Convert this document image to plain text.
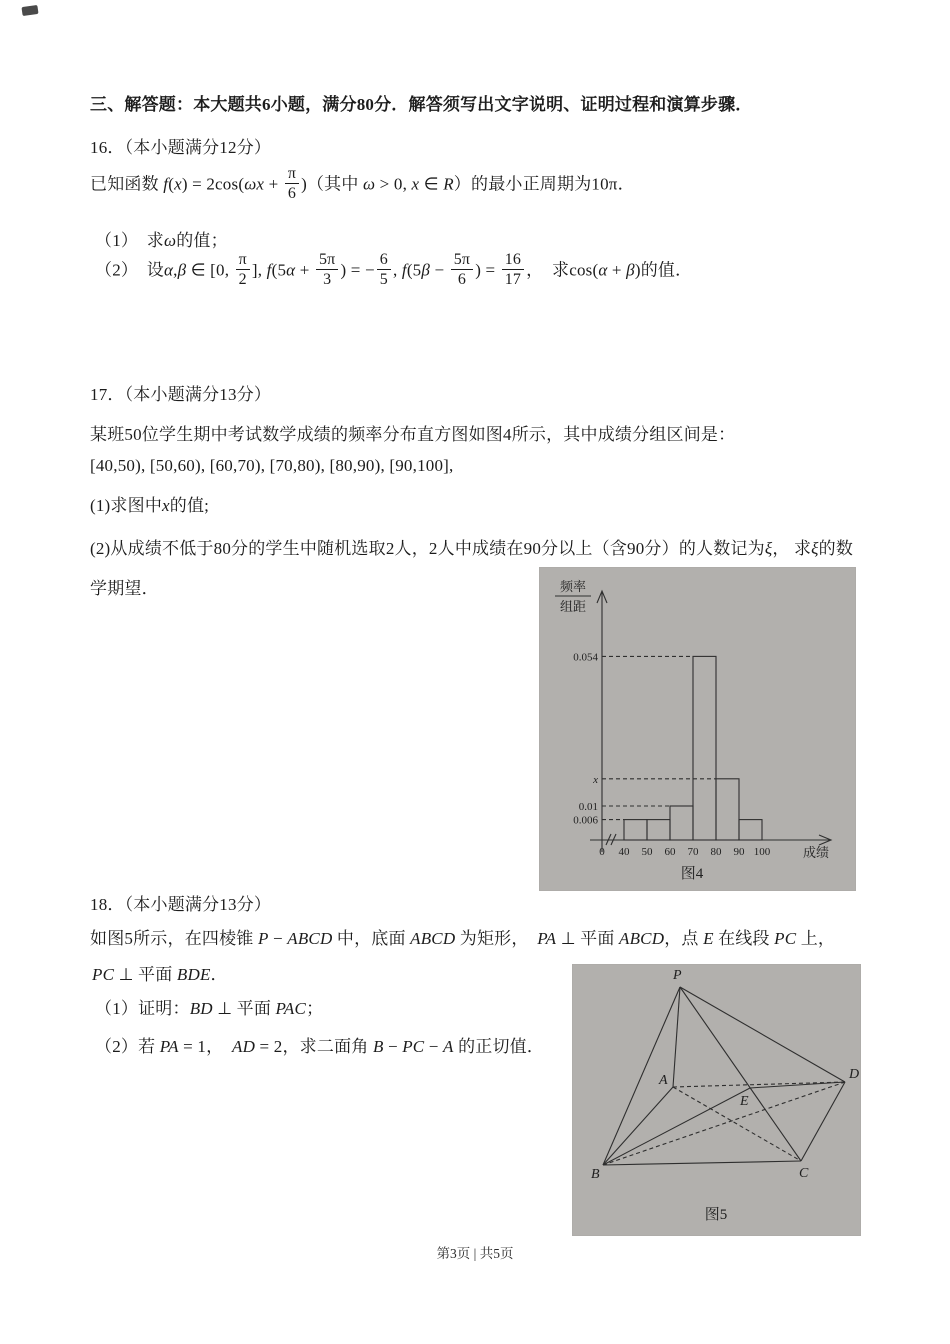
三、解答题：本大题共6小题，满分80分．解答须写出文字说明、证明过程和演算步骤．
16．（本小题满分12分）
已知函数 $f(x) = 2\cos(\omega x + \frac{\pi}{6}$ )（其中 ω > 0, x ∈ R）的最小正周期为10π．
（1）　求ω的值；
（2）　设α,β ∈ [0, $\frac{\pi}{2}$ ], $f(5\alpha + \frac{5\pi}{3}$ ) = − $\frac{6}{5}$ , $f(5\beta - \frac{5\pi}{6}$ ) = $\frac{16}{17}$ ，　求cos(α + β)的值．
17．（本小题满分13分）
某班50位学生期中考试数学成绩的频率分布直方图如图4所示，其中成绩分组区间是：
[40,50), [50,60), [60,70), [70,80), [80,90), [90,100],
(1)求图中x的值;
(2)从成绩不低于80分的学生中随机选取2人，2人中成绩在90分以上（含90分）的人数记为ξ， 求ξ的数
学期望．	频率
组距
0.054
x
0.01
0.006
0 40 50 60 70 80 90 100	成绩
图4
18．（本小题满分13分）
如图5所示，在四棱锥 P − ABCD 中，底面 ABCD 为矩形，　PA ⊥ 平面 ABCD，点 E 在线段 PC 上，
PC ⊥ 平面 BDE．
（1）证明：BD ⊥ 平面 PAC；
（2）若 PA = 1，　AD = 2，求二面角 B − PC − A 的正切值．
P
A
B	C
D
E
图5
第3页 | 共5页
